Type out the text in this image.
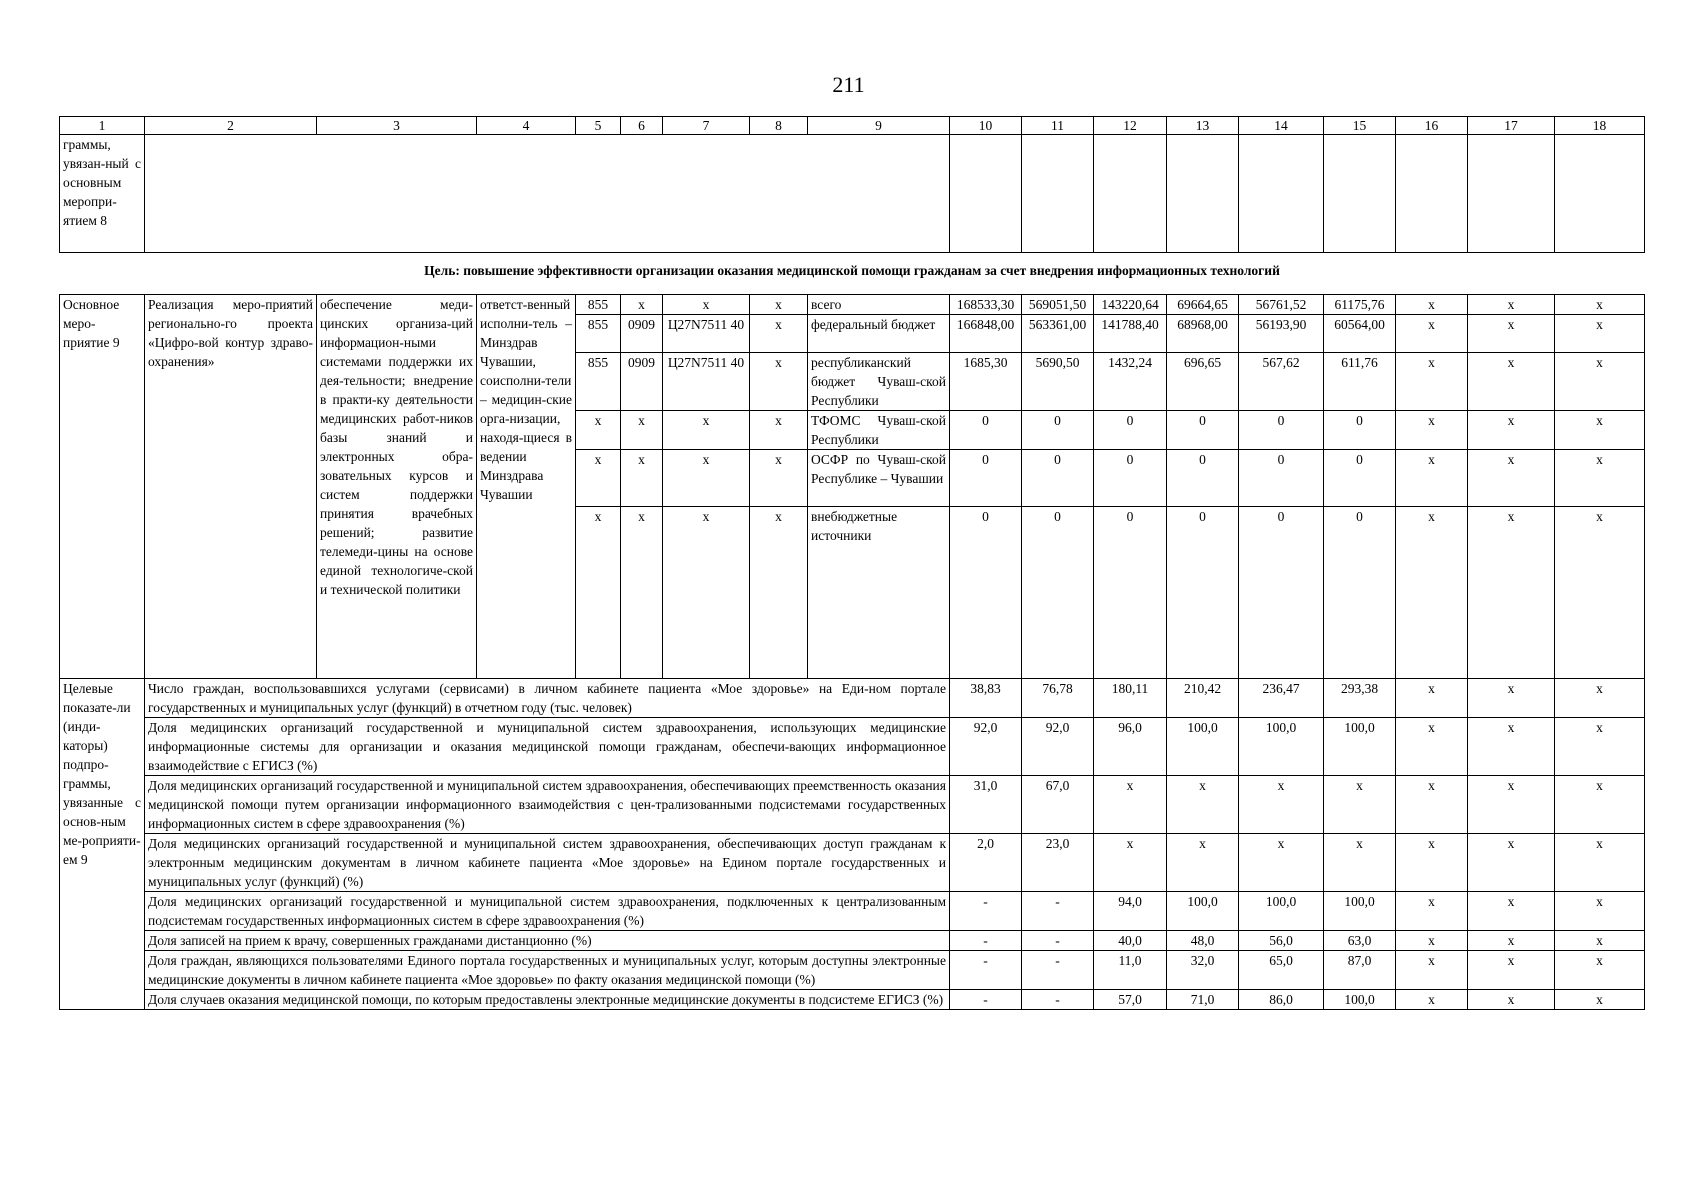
211
1	2	3	4	5	6	7	8	9	10	11	12	13	14	15	16	17	18
граммы, увязан-ный с основным меропри-ятием 8																	
Цель: повышение эффективности организации оказания медицинской помощи гражданам за счет внедрения информационных технологий																	
Основное меро-приятие 9	Реализация меро-приятий регионально-го проекта «Цифро-вой контур здраво-охранения»	обеспечение меди-цинских организа-ций информацион-ными системами поддержки их дея-тельности; внедрение в практи-ку деятельности медицинских работ-ников базы знаний и электронных обра-зовательных курсов и систем поддержки принятия врачебных решений; развитие телемеди-цины на основе единой технологиче-ской и технической политики	ответст-венный исполни-тель – Минздрав Чувашии, соисполни-тели – медицин-ские орга-низации, находя-щиеся в ведении Минздрава Чувашии	855	х	х	х	всего	168533,30	569051,50	143220,64	69664,65	56761,52	61175,76	х	х	х
				855	0909	Ц27N7511 40	х	федеральный бюджет	166848,00	563361,00	141788,40	68968,00	56193,90	60564,00	х	х	х
				855	0909	Ц27N7511 40	х	республиканский бюджет Чуваш-ской Республики	1685,30	5690,50	1432,24	696,65	567,62	611,76	х	х	х
				х	х	х	х	ТФОМС Чуваш-ской Республики	0	0	0	0	0	0	х	х	х
				х	х	х	х	ОСФР по Чуваш-ской Республике – Чувашии	0	0	0	0	0	0	х	х	х
				х	х	х	х	внебюджетные источники	0	0	0	0	0	0	х	х	х
Целевые показате-ли (инди-каторы) подпро-граммы, увязанные с основ-ным ме-роприяти-ем 9	Число граждан, воспользовавшихся услугами (сервисами) в личном кабинете пациента «Мое здоровье» на Еди-ном портале государственных и муниципальных услуг (функций) в отчетном году (тыс. человек)								38,83	76,78	180,11	210,42	236,47	293,38	х	х	х
	Доля медицинских организаций государственной и муниципальной систем здравоохранения, использующих медицинские информационные системы для организации и оказания медицинской помощи гражданам, обеспечи-вающих информационное взаимодействие с ЕГИСЗ (%)								92,0	92,0	96,0	100,0	100,0	100,0	х	х	х
	Доля медицинских организаций государственной и муниципальной систем здравоохранения, обеспечивающих преемственность оказания медицинской помощи путем организации информационного взаимодействия с цен-трализованными подсистемами государственных информационных систем в сфере здравоохранения (%)								31,0	67,0	х	х	х	х	х	х	х
	Доля медицинских организаций государственной и муниципальной систем здравоохранения, обеспечивающих доступ гражданам к электронным медицинским документам в личном кабинете пациента «Мое здоровье» на Едином портале государственных и муниципальных услуг (функций) (%)								2,0	23,0	х	х	х	х	х	х	х
	Доля медицинских организаций государственной и муниципальной систем здравоохранения, подключенных к централизованным подсистемам государственных информационных систем в сфере здравоохранения (%)								-	-	94,0	100,0	100,0	100,0	х	х	х
	Доля записей на прием к врачу, совершенных гражданами дистанционно (%)								-	-	40,0	48,0	56,0	63,0	х	х	х
	Доля граждан, являющихся пользователями Единого портала государственных и муниципальных услуг, которым доступны электронные медицинские документы в личном кабинете пациента «Мое здоровье» по факту оказания медицинской помощи (%)								-	-	11,0	32,0	65,0	87,0	х	х	х
	Доля случаев оказания медицинской помощи, по которым предоставлены электронные медицинские документы в подсистеме ЕГИСЗ (%)								-	-	57,0	71,0	86,0	100,0	х	х	х
